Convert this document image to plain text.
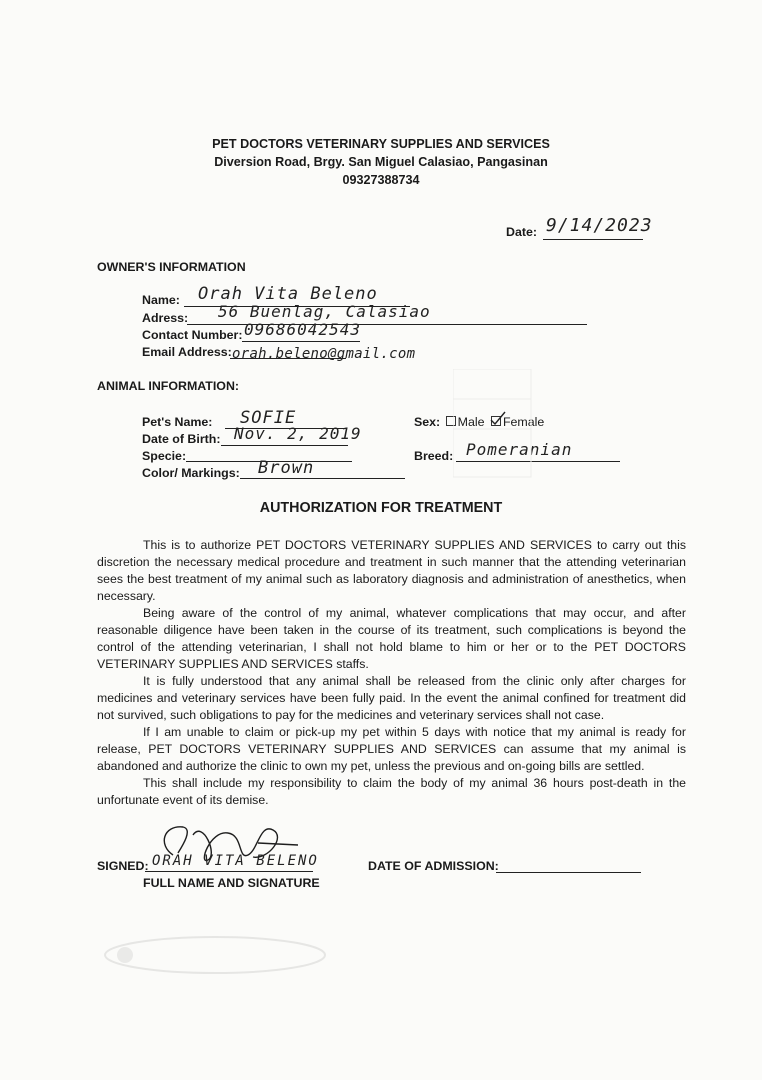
PET DOCTORS VETERINARY SUPPLIES AND SERVICES
Diversion Road, Brgy. San Miguel Calasiao, Pangasinan
09327388734
Date: 9/14/2023
OWNER'S INFORMATION
Name: Orah Vita Beleno
Adress: 56 Buenlag, Calasiao
Contact Number: 09686042543
Email Address: orah.beleno@gmail.com
ANIMAL INFORMATION:
Pet's Name: SOFIE
Date of Birth: Nov. 2, 2019
Specie:
Color/ Markings: Brown
Sex: Male Female
Breed: Pomeranian
AUTHORIZATION FOR TREATMENT

This is to authorize PET DOCTORS VETERINARY SUPPLIES AND SERVICES to carry out this discretion the necessary medical procedure and treatment in such manner that the attending veterinarian sees the best treatment of my animal such as laboratory diagnosis and administration of anesthetics, when necessary.

Being aware of the control of my animal, whatever complications that may occur, and after reasonable diligence have been taken in the course of its treatment, such complications is beyond the control of the attending veterinarian, I shall not hold blame to him or her or to the PET DOCTORS VETERINARY SUPPLIES AND SERVICES staffs.

It is fully understood that any animal shall be released from the clinic only after charges for medicines and veterinary services have been fully paid. In the event the animal confined for treatment did not survived, such obligations to pay for the medicines and veterinary services shall not case.

If I am unable to claim or pick-up my pet within 5 days with notice that my animal is ready for release, PET DOCTORS VETERINARY SUPPLIES AND SERVICES can assume that my animal is abandoned and authorize the clinic to own my pet, unless the previous and on-going bills are settled.

This shall include my responsibility to claim the body of my animal 36 hours post-death in the unfortunate event of its demise.

SIGNED: ORAH VITA BELENO
FULL NAME AND SIGNATURE
DATE OF ADMISSION:
